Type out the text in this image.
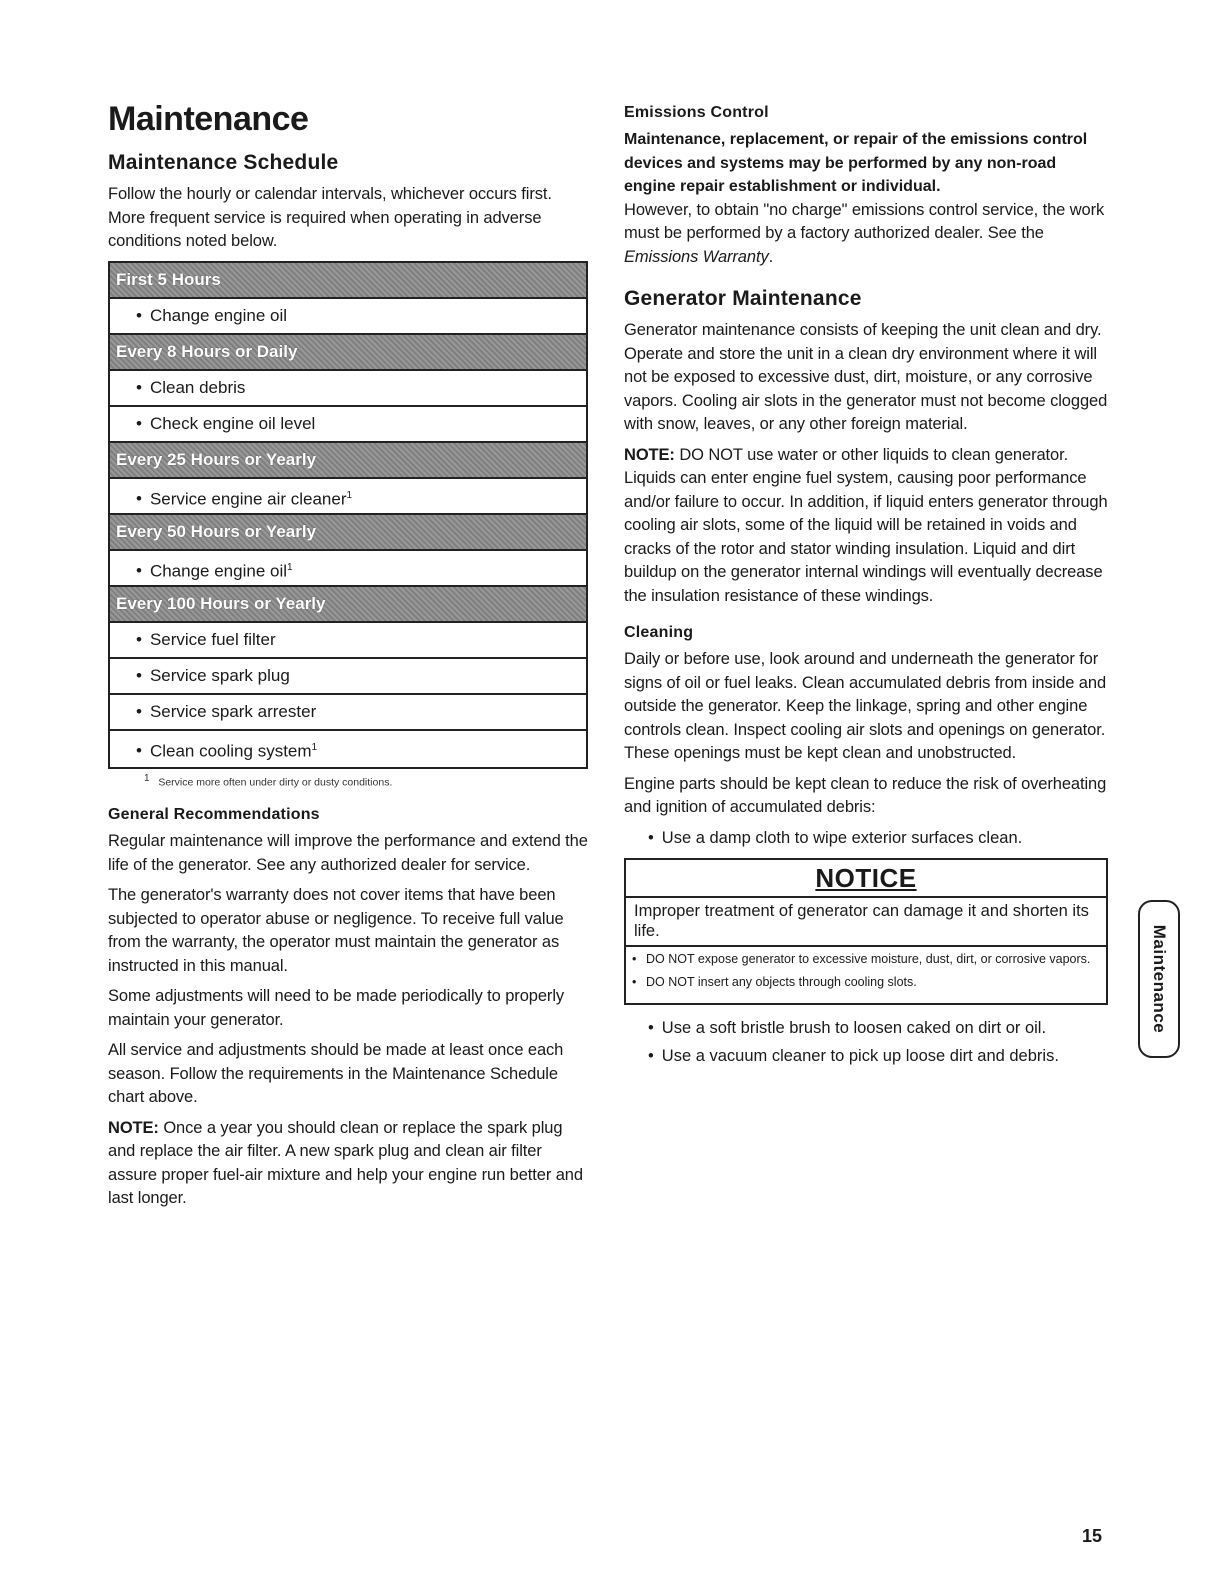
Maintenance
Maintenance Schedule
Follow the hourly or calendar intervals, whichever occurs first. More frequent service is required when operating in adverse conditions noted below.
First 5 Hours
• Change engine oil
Every 8 Hours or Daily
• Clean debris
• Check engine oil level
Every 25 Hours or Yearly
• Service engine air cleaner$^1$
Every 50 Hours or Yearly
• Change engine oil$^1$
Every 100 Hours or Yearly
• Service fuel filter
• Service spark plug
• Service spark arrester
• Clean cooling system$^1$
$^1$ Service more often under dirty or dusty conditions.
General Recommendations
Regular maintenance will improve the performance and extend the life of the generator. See any authorized dealer for service.
The generator's warranty does not cover items that have been subjected to operator abuse or negligence. To receive full value from the warranty, the operator must maintain the generator as instructed in this manual.
Some adjustments will need to be made periodically to properly maintain your generator.
All service and adjustments should be made at least once each season. Follow the requirements in the Maintenance Schedule chart above.
NOTE: Once a year you should clean or replace the spark plug and replace the air filter. A new spark plug and clean air filter assure proper fuel-air mixture and help your engine run better and last longer.
Emissions Control
Maintenance, replacement, or repair of the emissions control devices and systems may be performed by any non-road engine repair establishment or individual.
However, to obtain "no charge" emissions control service, the work must be performed by a factory authorized dealer. See the Emissions Warranty.
Generator Maintenance
Generator maintenance consists of keeping the unit clean and dry. Operate and store the unit in a clean dry environment where it will not be exposed to excessive dust, dirt, moisture, or any corrosive vapors. Cooling air slots in the generator must not become clogged with snow, leaves, or any other foreign material.
NOTE: DO NOT use water or other liquids to clean generator. Liquids can enter engine fuel system, causing poor performance and/or failure to occur. In addition, if liquid enters generator through cooling air slots, some of the liquid will be retained in voids and cracks of the rotor and stator winding insulation. Liquid and dirt buildup on the generator internal windings will eventually decrease the insulation resistance of these windings.
Cleaning
Daily or before use, look around and underneath the generator for signs of oil or fuel leaks. Clean accumulated debris from inside and outside the generator. Keep the linkage, spring and other engine controls clean. Inspect cooling air slots and openings on generator. These openings must be kept clean and unobstructed.
Engine parts should be kept clean to reduce the risk of overheating and ignition of accumulated debris:
• Use a damp cloth to wipe exterior surfaces clean.
NOTICE
Improper treatment of generator can damage it and shorten its life.
• DO NOT expose generator to excessive moisture, dust, dirt, or corrosive vapors.
• DO NOT insert any objects through cooling slots.
• Use a soft bristle brush to loosen caked on dirt or oil.
• Use a vacuum cleaner to pick up loose dirt and debris.
Maintenance
15
